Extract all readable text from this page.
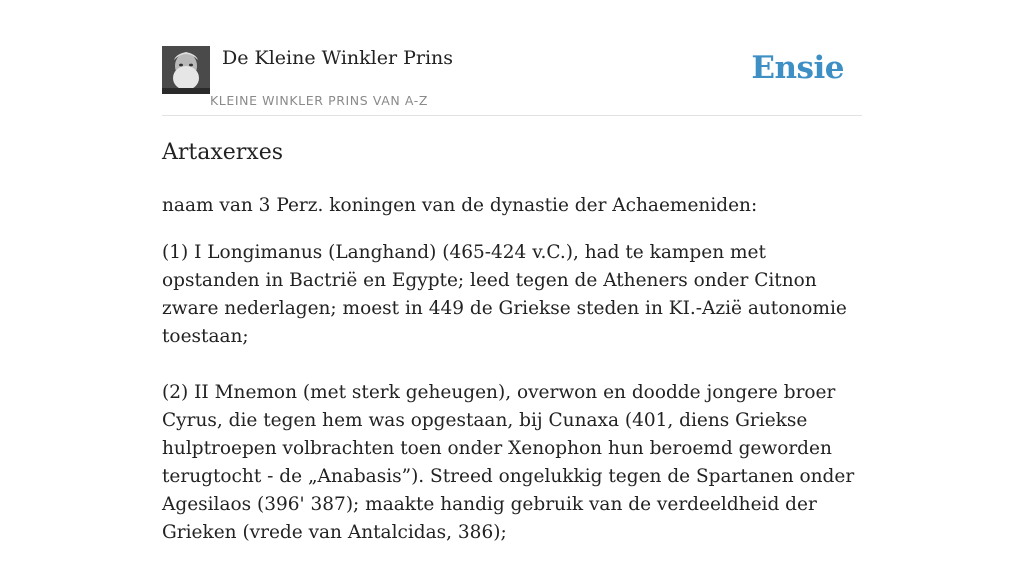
De Kleine Winkler Prins
KLEINE WINKLER PRINS VAN A-Z
Ensie
Artaxerxes

naam van 3 Perz. koningen van de dynastie der Achaemeniden:

(1) I Longimanus (Langhand) (465-424 v.C.), had te kampen met opstanden in Bactrië en Egypte; leed tegen de Atheners onder Citnon zware nederlagen; moest in 449 de Griekse steden in KI.-Azië autonomie toestaan;

(2) II Mnemon (met sterk geheugen), overwon en doodde jongere broer Cyrus, die tegen hem was opgestaan, bij Cunaxa (401, diens Griekse hulptroepen volbrachten toen onder Xenophon hun beroemd geworden terugtocht - de „Anabasis”). Streed ongelukkig tegen de Spartanen onder Agesilaos (396' 387); maakte handig gebruik van de verdeeldheid der Grieken (vrede van Antalcidas, 386);
